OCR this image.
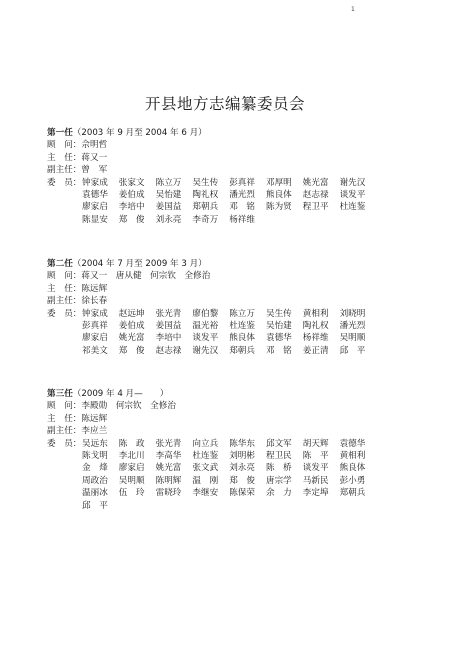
1
开县地方志编纂委员会
第一任（2003 年 9 月至 2004 年 6 月）
顾　问：佘明哲
主　任：蒋又一
副主任：曾　军
委　员： 钟家成 张家文 陈立万 吴生传 彭真祥 邓厚明 姚光富 谢先汉
袁德华 姜伯成 吴怡建 陶礼权 潘光烈 熊良体 赵志禄 谈发平
廖家启 李培中 姜国益 郑朝兵 邓　铭 陈为贤 程卫平 杜连鉴
陈显安 郑　俊 刘永亮 李奇万 杨祥维
第二任（2004 年 7 月至 2009 年 3 月）
顾　问：蒋又一　唐从健　何宗钦　全修治
主　任：陈远辉
副主任：徐长春
委　员： 钟家成 赵远坤 张光青 廖伯黎 陈立万 吴生传 黄相利 刘晓明
彭真祥 姜伯成 姜国益 温光裕 杜连鉴 吴怡建 陶礼权 潘光烈
廖家启 姚光富 李培中 谈发平 熊良体 袁德华 杨祥维 吴明顺
祁美文 郑　俊 赵志禄 谢先汉 郑朝兵 邓　铭 姜正清 邱　平
第三任（2009 年 4 月—　　）
顾　问：李殿勋　何宗钦　全修治
主　任：陈远辉
副主任：李应兰
委　员： 吴远东 陈　政 张光青 向立兵 陈华东 邱文军 胡天辉 袁德华
陈戈明 李北川 李高华 杜连鉴 刘明彬 程卫民 陈　平 黄相利
金　烽 廖家启 姚光富 张文武 刘永亮 陈　桥 谈发平 熊良体
周政治 吴明顺 陈明辉 温　刚 郑　俊 唐宗学 马新民 彭小勇
温丽冰 伍　玲 雷晓玲 李继安 陈保荣 余　力 李定埠 郑朝兵
邱　平
